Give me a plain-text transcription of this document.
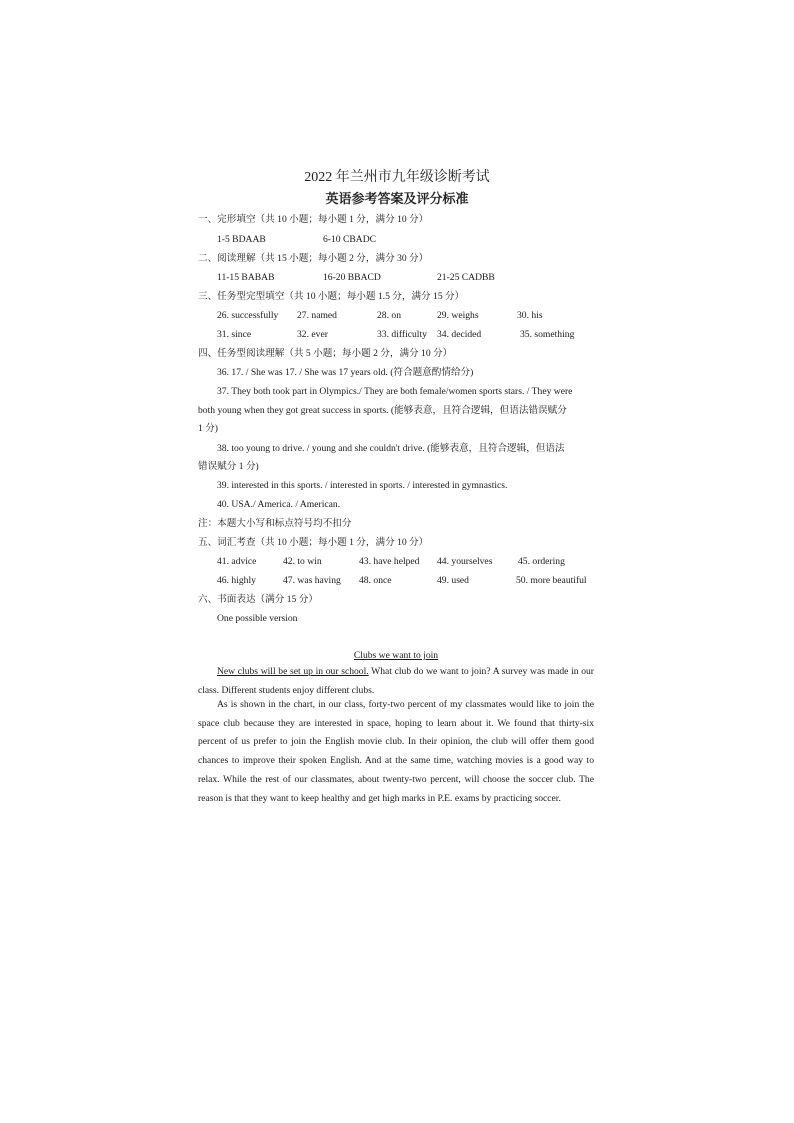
2022 年兰州市九年级诊断考试
英语参考答案及评分标准
一、完形填空（共 10 小题；每小题 1 分，满分 10 分）
1-5 BDAAB	6-10 CBADC
二、阅读理解（共 15 小题；每小题 2 分，满分 30 分）
11-15 BABAB	16-20 BBACD	21-25 CADBB
三、任务型完型填空（共 10 小题；每小题 1.5 分，满分 15 分）
26. successfully 27. named	28. on	29. weighs	30. his
31. since	32. ever	33. difficulty 34. decided	35. something
四、任务型阅读理解（共 5 小题；每小题 2 分，满分 10 分）
36. 17. / She was 17. / She was 17 years old. (符合题意酌情给分)
37. They both took part in Olympics./ They are both female/women sports stars. / They were
both young when they got great success in sports. (能够表意，且符合逻辑，但语法错误赋分
1 分)
38. too young to drive. / young and she couldn't drive. (能够表意，且符合逻辑，但语法
错误赋分 1 分)
39. interested in this sports. / interested in sports. / interested in gymnastics.
40. USA./ America. / American.
注：本题大小写和标点符号均不扣分
五、词汇考查（共 10 小题；每小题 1 分，满分 10 分）
41. advice	42. to win	43. have helped 44. yourselves	45. ordering
46. highly	47. was having 48. once	49. used	50. more beautiful
六、书面表达（满分 15 分）
One possible version
Clubs we want to join
New clubs will be set up in our school. What club do we want to join? A survey was made in our class. Different students enjoy different clubs.
As is shown in the chart, in our class, forty-two percent of my classmates would like to join the space club because they are interested in space, hoping to learn about it. We found that thirty-six percent of us prefer to join the English movie club. In their opinion, the club will offer them good chances to improve their spoken English. And at the same time, watching movies is a good way to relax. While the rest of our classmates, about twenty-two percent, will choose the soccer club. The reason is that they want to keep healthy and get high marks in P.E. exams by practicing soccer.
